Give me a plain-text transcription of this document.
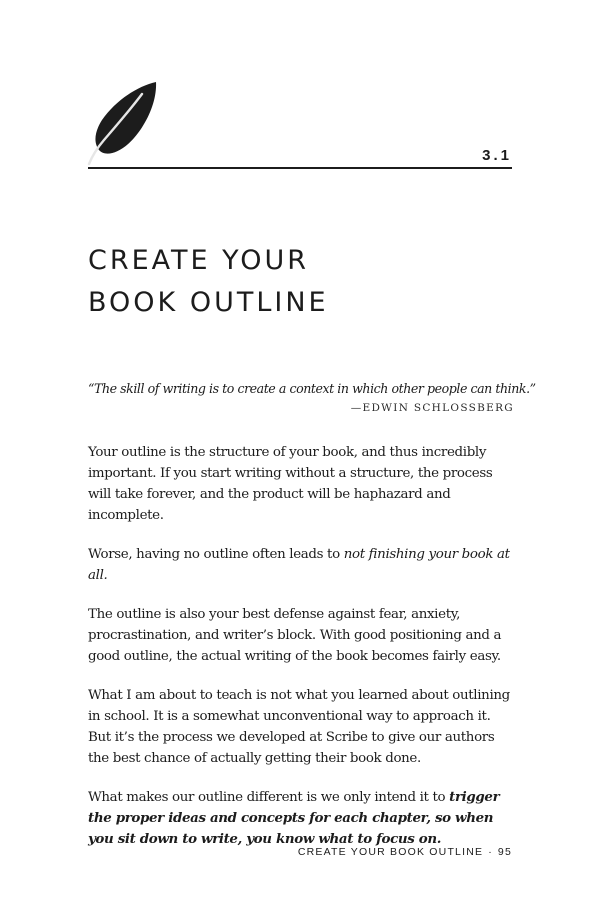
3.1
CREATE YOUR
BOOK OUTLINE

“The skill of writing is to create a context in which other people can think.”

—EDWIN SCHLOSSBERG

Your outline is the structure of your book, and thus incredibly important. If you start writing without a structure, the process will take forever, and the product will be haphazard and incomplete.

Worse, having no outline often leads to not finishing your book at all.

The outline is also your best defense against fear, anxiety, procrastination, and writer’s block. With good positioning and a good outline, the actual writing of the book becomes fairly easy.

What I am about to teach is not what you learned about outlining in school. It is a somewhat unconventional way to approach it. But it’s the process we developed at Scribe to give our authors the best chance of actually getting their book done.

What makes our outline different is we only intend it to trigger the proper ideas and concepts for each chapter, so when you sit down to write, you know what to focus on.

CREATE YOUR BOOK OUTLINE · 95
